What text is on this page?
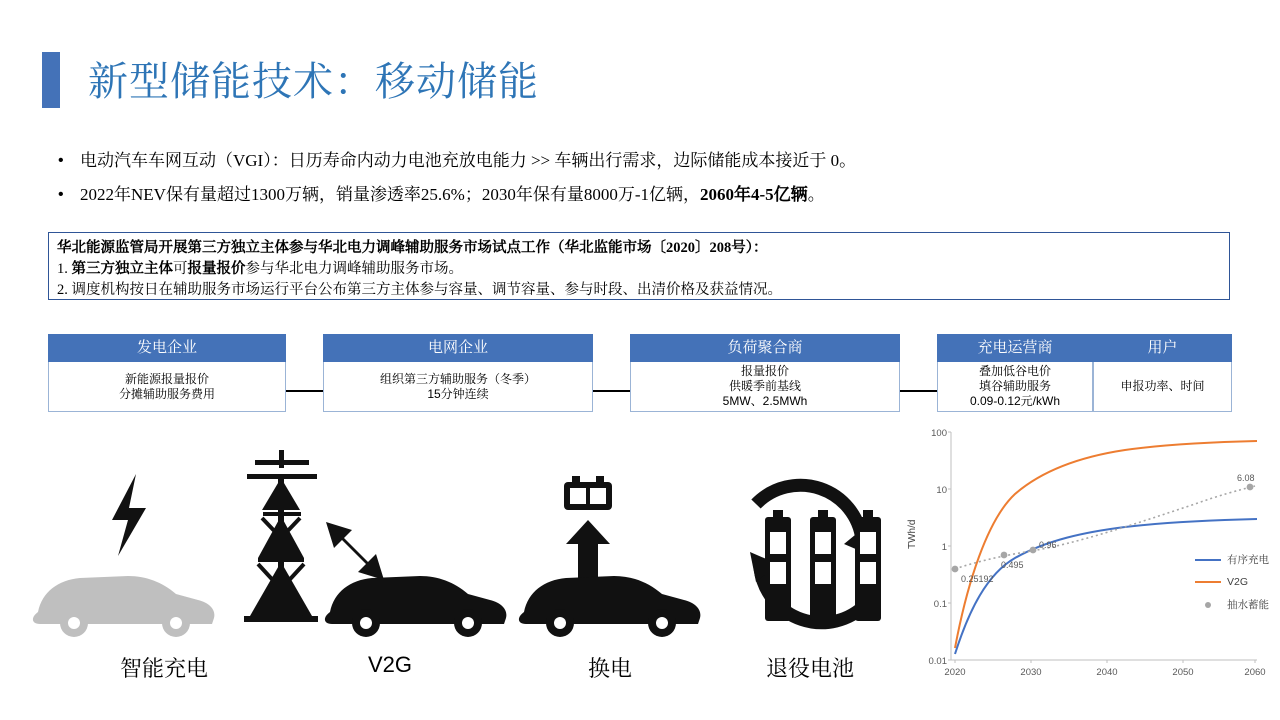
新型储能技术：移动储能
• 电动汽车车网互动（VGI）：日历寿命内动力电池充放电能力 >> 车辆出行需求，边际储能成本接近于 0。
• 2022年NEV保有量超过1300万辆，销量渗透率25.6%；2030年保有量8000万-1亿辆，2060年4-5亿辆。
华北能源监管局开展第三方独立主体参与华北电力调峰辅助服务市场试点工作（华北监能市场〔2020〕208号）：
1. 第三方独立主体可报量报价参与华北电力调峰辅助服务市场。
2. 调度机构按日在辅助服务市场运行平台公布第三方主体参与容量、调节容量、参与时段、出清价格及获益情况。
发电企业
新能源报量报价
分摊辅助服务费用
电网企业
组织第三方辅助服务（冬季）
15分钟连续
负荷聚合商
报量报价
供暖季前基线
5MW、2.5MWh
充电运营商
叠加低谷电价
填谷辅助服务
0.09-0.12元/kWh
用户
申报功率、时间
智能充电	V2G	换电	退役电池
TWh/d
100
10
1
0.1
0.01
2020	2030	2040	2050	2060
0.25192
0.495
0.96
6.08
有序充电
V2G
抽水蓄能
